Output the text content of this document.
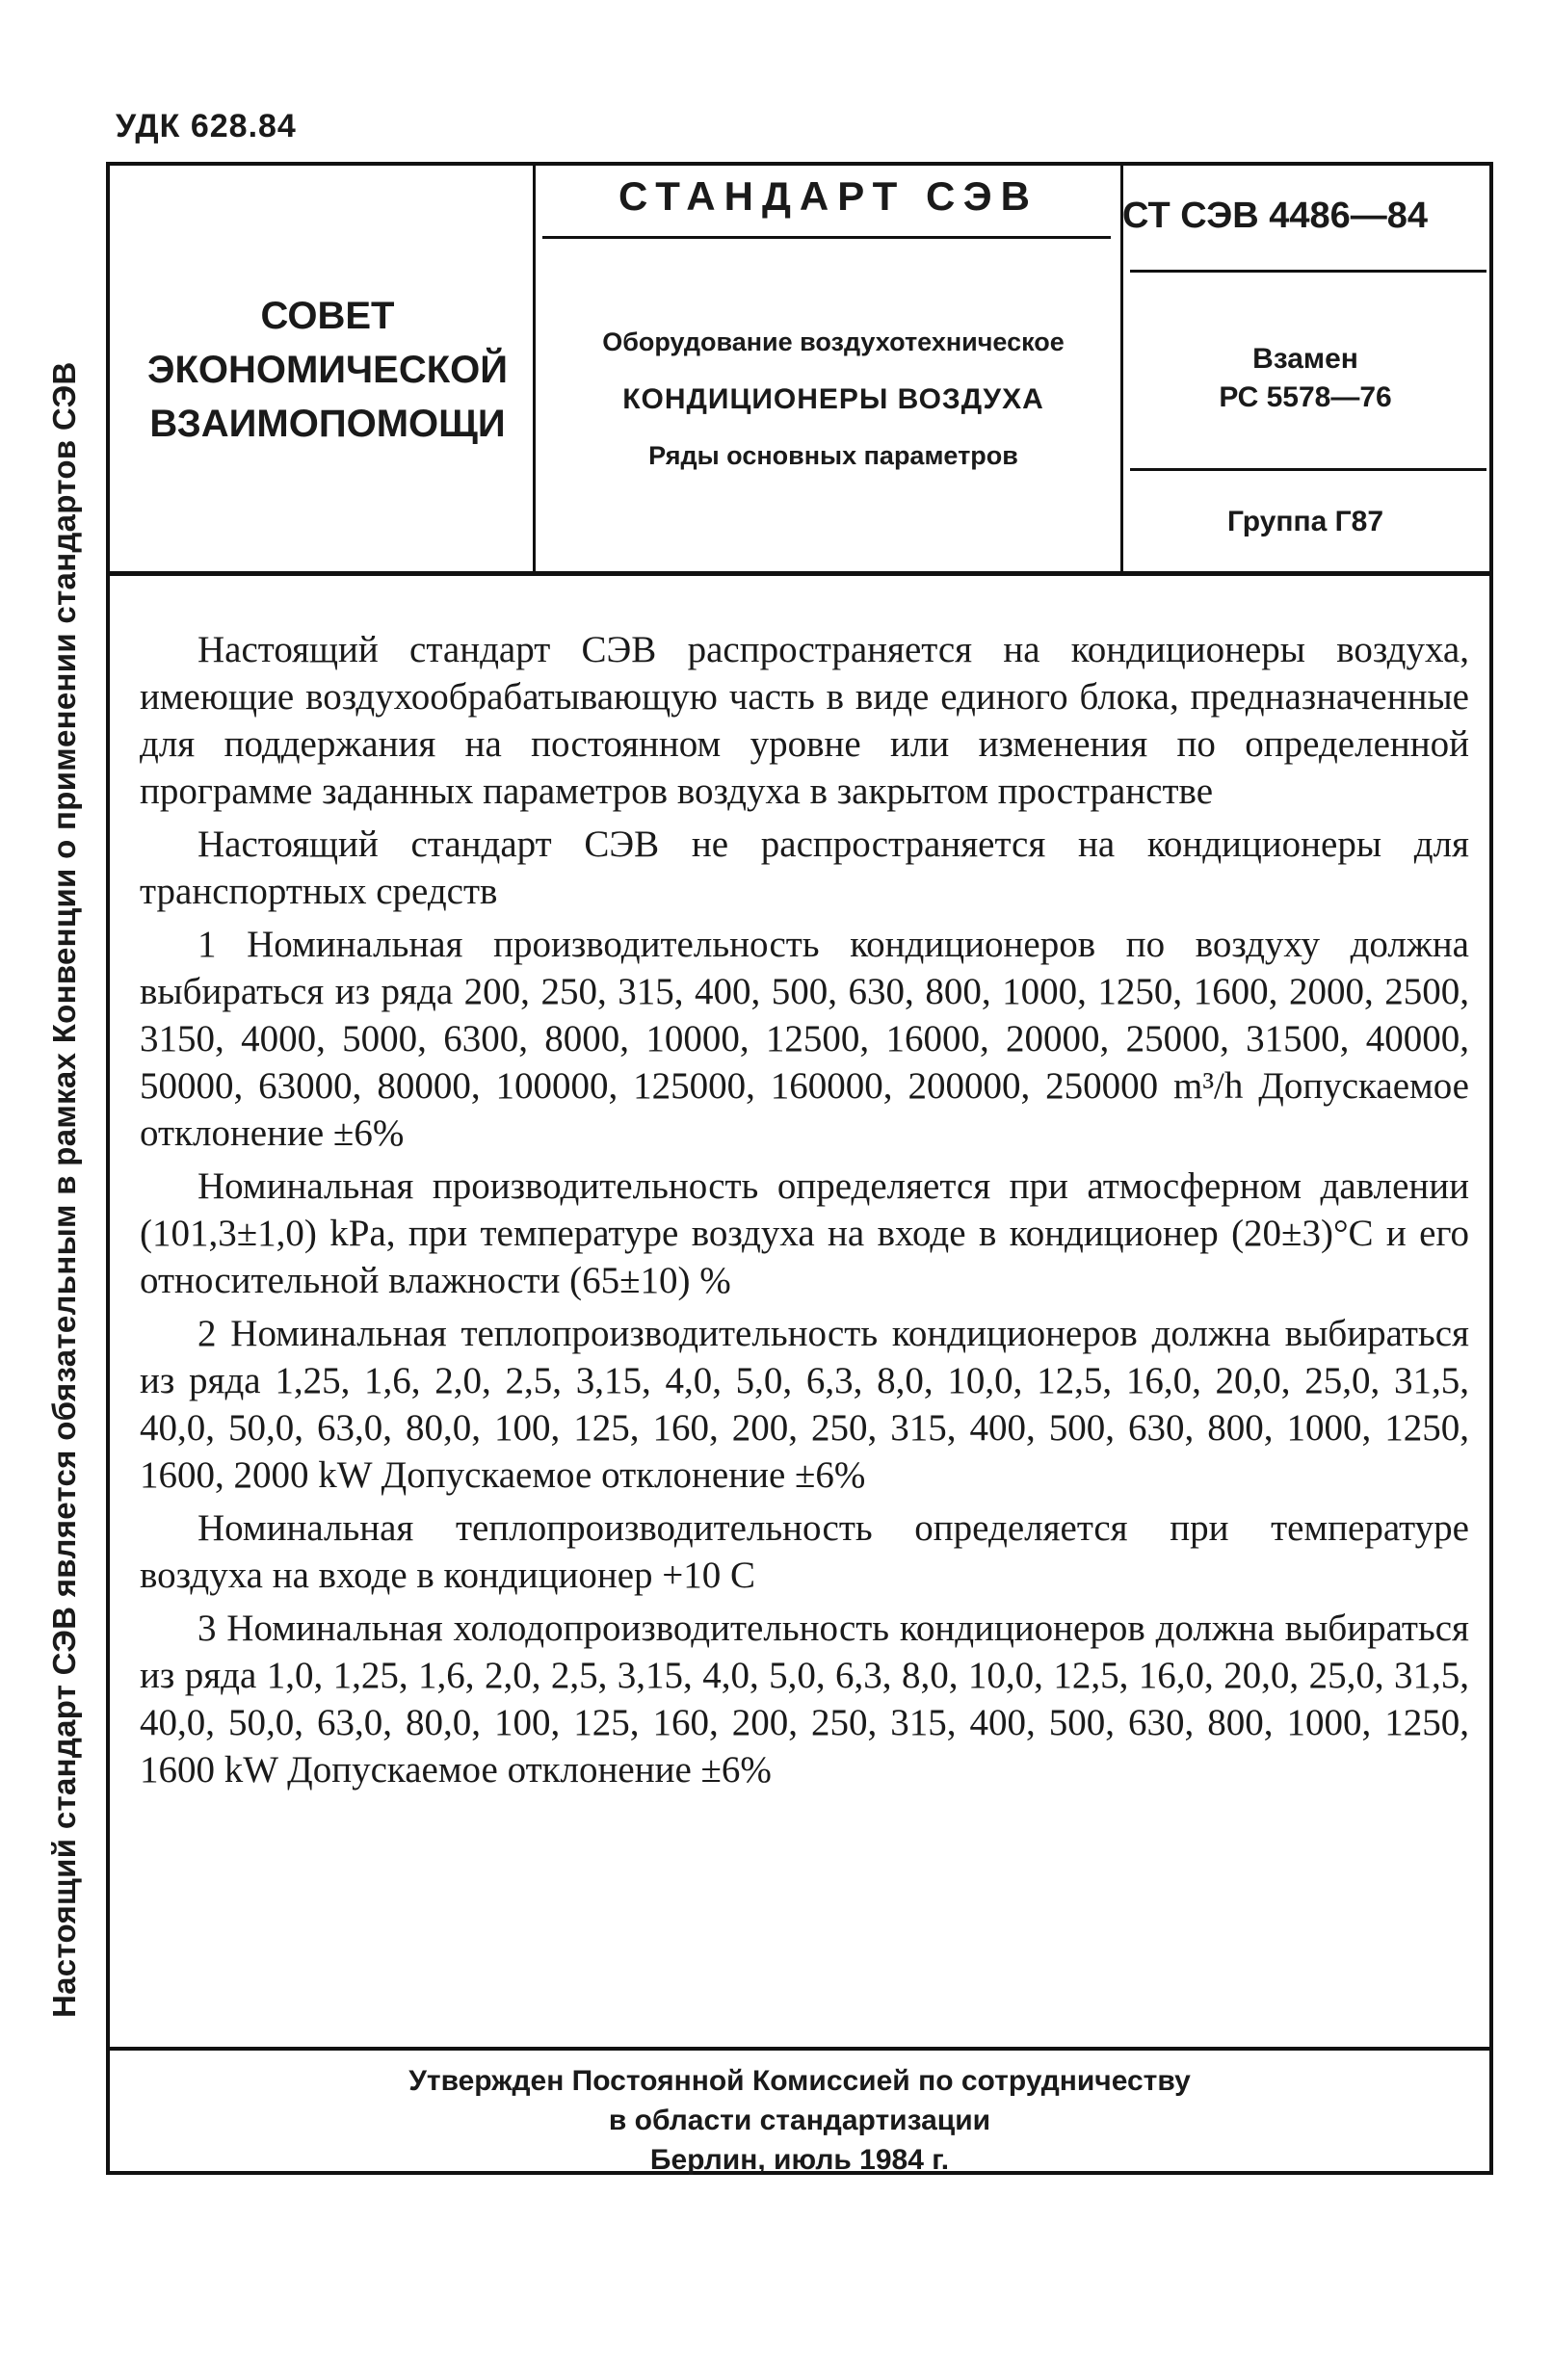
УДК 628.84
Настоящий стандарт СЭВ является обязательным в рамках Конвенции о применении стандартов СЭВ
СОВЕТ
ЭКОНОМИЧЕСКОЙ
ВЗАИМОПОМОЩИ
СТАНДАРТ СЭВ
Оборудование воздухотехническое
КОНДИЦИОНЕРЫ ВОЗДУХА
Ряды основных параметров
СТ СЭВ 4486—84
Взамен
РС 5578—76
Группа Г87

Настоящий стандарт СЭВ распространяется на кондиционеры воздуха, имеющие воздухообрабатывающую часть в виде единого блока, предназначенные для поддержания на постоянном уровне или изменения по определенной программе заданных параметров воздуха в закрытом пространстве

Настоящий стандарт СЭВ не распространяется на кондиционеры для транспортных средств

1 Номинальная производительность кондиционеров по воздуху должна выбираться из ряда 200, 250, 315, 400, 500, 630, 800, 1000, 1250, 1600, 2000, 2500, 3150, 4000, 5000, 6300, 8000, 10000, 12500, 16000, 20000, 25000, 31500, 40000, 50000, 63000, 80000, 100000, 125000, 160000, 200000, 250000 m³/h Допускаемое отклонение ±6%

Номинальная производительность определяется при атмосферном давлении (101,3±1,0) kPa, при температуре воздуха на входе в кондиционер (20±3)°С и его относительной влажности (65±10) %

2 Номинальная теплопроизводительность кондиционеров должна выбираться из ряда 1,25, 1,6, 2,0, 2,5, 3,15, 4,0, 5,0, 6,3, 8,0, 10,0, 12,5, 16,0, 20,0, 25,0, 31,5, 40,0, 50,0, 63,0, 80,0, 100, 125, 160, 200, 250, 315, 400, 500, 630, 800, 1000, 1250, 1600, 2000 kW Допускаемое отклонение ±6%

Номинальная теплопроизводительность определяется при температуре воздуха на входе в кондиционер +10 С

3 Номинальная холодопроизводительность кондиционеров должна выбираться из ряда 1,0, 1,25, 1,6, 2,0, 2,5, 3,15, 4,0, 5,0, 6,3, 8,0, 10,0, 12,5, 16,0, 20,0, 25,0, 31,5, 40,0, 50,0, 63,0, 80,0, 100, 125, 160, 200, 250, 315, 400, 500, 630, 800, 1000, 1250, 1600 kW Допускаемое отклонение ±6%

Утвержден Постоянной Комиссией по сотрудничеству
в области стандартизации
Берлин, июль 1984 г.
